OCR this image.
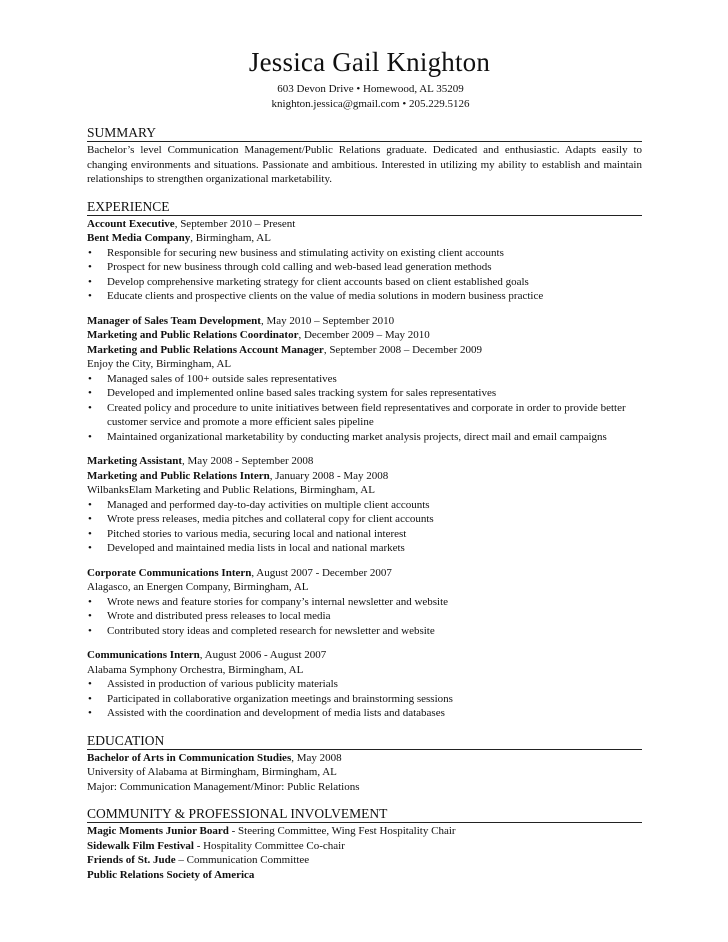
Jessica Gail Knighton
603 Devon Drive • Homewood, AL 35209
knighton.jessica@gmail.com • 205.229.5126
SUMMARY
Bachelor’s level Communication Management/Public Relations graduate. Dedicated and enthusiastic. Adapts easily to changing environments and situations. Passionate and ambitious. Interested in utilizing my ability to establish and maintain relationships to strengthen organizational marketability.
EXPERIENCE
Account Executive, September 2010 – Present
Bent Media Company, Birmingham, AL
• Responsible for securing new business and stimulating activity on existing client accounts
• Prospect for new business through cold calling and web-based lead generation methods
• Develop comprehensive marketing strategy for client accounts based on client established goals
• Educate clients and prospective clients on the value of media solutions in modern business practice
Manager of Sales Team Development, May 2010 – September 2010
Marketing and Public Relations Coordinator, December 2009 – May 2010
Marketing and Public Relations Account Manager, September 2008 – December 2009
Enjoy the City, Birmingham, AL
• Managed sales of 100+ outside sales representatives
• Developed and implemented online based sales tracking system for sales representatives
• Created policy and procedure to unite initiatives between field representatives and corporate in order to provide better customer service and promote a more efficient sales pipeline
• Maintained organizational marketability by conducting market analysis projects, direct mail and email campaigns
Marketing Assistant, May 2008 - September 2008
Marketing and Public Relations Intern, January 2008 - May 2008
WilbanksElam Marketing and Public Relations, Birmingham, AL
• Managed and performed day-to-day activities on multiple client accounts
• Wrote press releases, media pitches and collateral copy for client accounts
• Pitched stories to various media, securing local and national interest
• Developed and maintained media lists in local and national markets
Corporate Communications Intern, August 2007 - December 2007
Alagasco, an Energen Company, Birmingham, AL
• Wrote news and feature stories for company’s internal newsletter and website
• Wrote and distributed press releases to local media
• Contributed story ideas and completed research for newsletter and website
Communications Intern, August 2006 - August 2007
Alabama Symphony Orchestra, Birmingham, AL
• Assisted in production of various publicity materials
• Participated in collaborative organization meetings and brainstorming sessions
• Assisted with the coordination and development of media lists and databases
EDUCATION
Bachelor of Arts in Communication Studies, May 2008
University of Alabama at Birmingham, Birmingham, AL
Major: Communication Management/Minor: Public Relations
COMMUNITY & PROFESSIONAL INVOLVEMENT
Magic Moments Junior Board - Steering Committee, Wing Fest Hospitality Chair
Sidewalk Film Festival - Hospitality Committee Co-chair
Friends of St. Jude – Communication Committee
Public Relations Society of America
